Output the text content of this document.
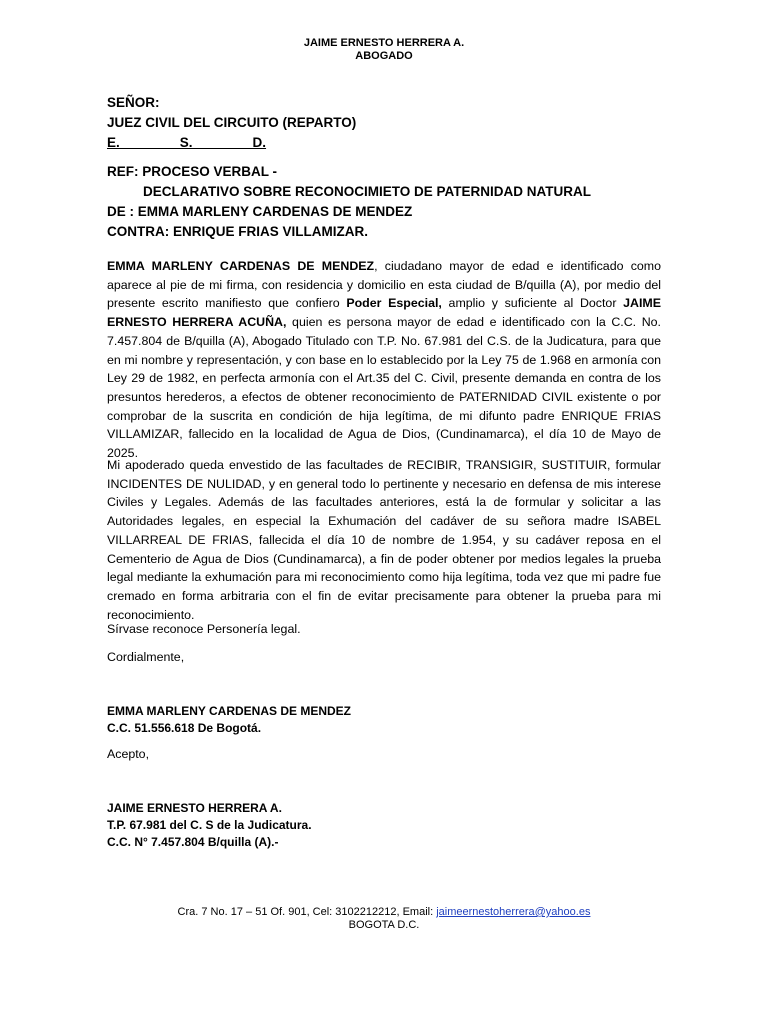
JAIME ERNESTO HERRERA A.
ABOGADO
SEÑOR:
JUEZ CIVIL DEL CIRCUITO (REPARTO)
E.                S.                D.
REF: PROCESO VERBAL -
DECLARATIVO SOBRE RECONOCIMIETO DE PATERNIDAD NATURAL
DE : EMMA MARLENY CARDENAS DE MENDEZ
CONTRA: ENRIQUE FRIAS VILLAMIZAR.
EMMA MARLENY CARDENAS DE MENDEZ, ciudadano mayor de edad e identificado como aparece al pie de mi firma, con residencia y domicilio en esta ciudad de B/quilla (A), por medio del presente escrito manifiesto que confiero Poder Especial, amplio y suficiente al Doctor JAIME ERNESTO HERRERA ACUÑA, quien es persona mayor de edad e identificado con la C.C. No. 7.457.804 de B/quilla (A), Abogado Titulado con T.P. No. 67.981 del C.S. de la Judicatura, para que en mi nombre y representación, y con base en lo establecido por la Ley 75 de 1.968 en armonía con Ley 29 de 1982, en perfecta armonía con el Art.35 del C. Civil, presente demanda en contra de los presuntos herederos, a efectos de obtener reconocimiento de PATERNIDAD CIVIL existente o por comprobar de la suscrita en condición de hija legítima, de mi difunto padre ENRIQUE FRIAS VILLAMIZAR, fallecido en la localidad de Agua de Dios, (Cundinamarca), el día 10 de Mayo de 2025.
Mi apoderado queda envestido de las facultades de RECIBIR, TRANSIGIR, SUSTITUIR, formular INCIDENTES DE NULIDAD, y en general todo lo pertinente y necesario en defensa de mis interese Civiles y Legales. Además de las facultades anteriores, está la de formular y solicitar a las Autoridades legales, en especial la Exhumación del cadáver de su señora madre ISABEL VILLARREAL DE FRIAS, fallecida el día 10 de nombre de 1.954, y su cadáver reposa en el Cementerio de Agua de Dios (Cundinamarca), a fin de poder obtener por medios legales la prueba legal mediante la exhumación para mi reconocimiento como hija legítima, toda vez que mi padre fue cremado en forma arbitraria con el fin de evitar precisamente para obtener la prueba para mi reconocimiento.
Sírvase reconoce Personería legal.
Cordialmente,
EMMA MARLENY CARDENAS DE MENDEZ
C.C. 51.556.618 De Bogotá.
Acepto,
JAIME ERNESTO HERRERA A.
T.P. 67.981 del C. S de la Judicatura.
C.C. N° 7.457.804 B/quilla (A).-
Cra. 7 No. 17 – 51 Of. 901, Cel: 3102212212, Email: jaimeernestoherrera@yahoo.es
BOGOTA D.C.
